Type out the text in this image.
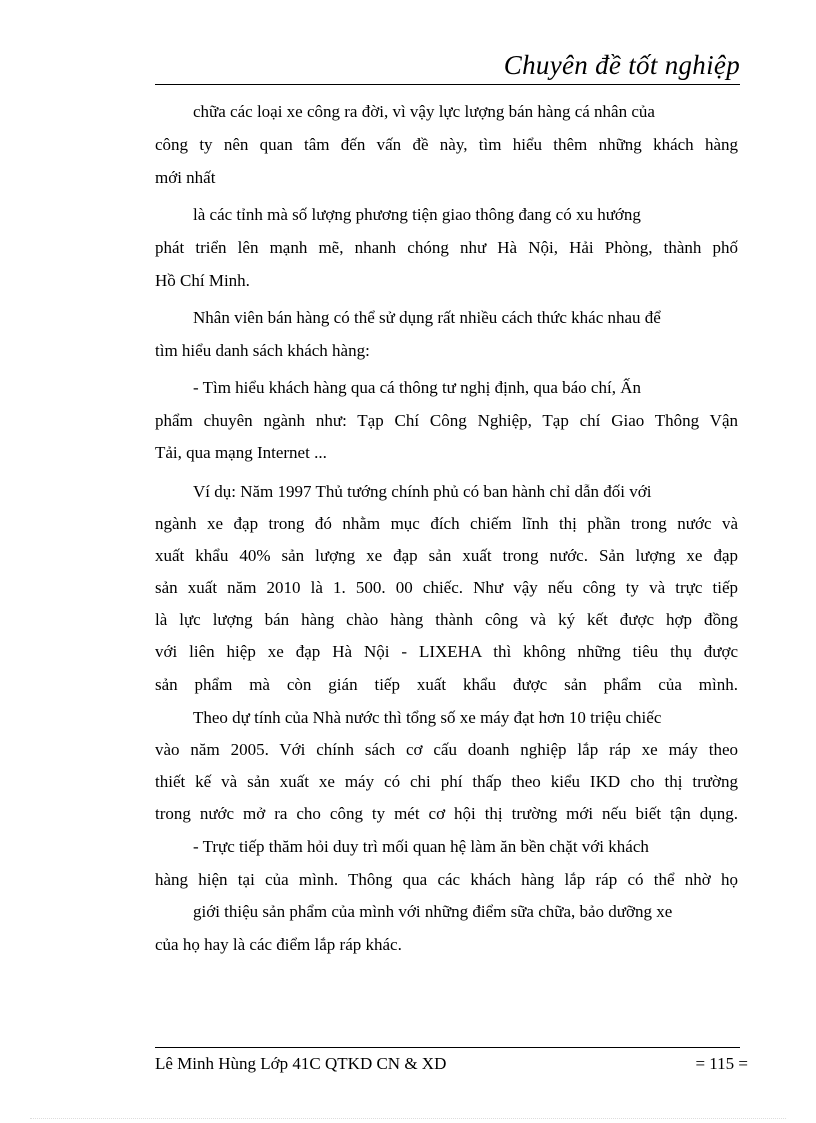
Chuyên đề tốt nghiệp
chữa các loại xe công ra đời, vì vậy lực lượng bán hàng cá nhân của
công ty nên quan tâm đến vấn đề này, tìm hiểu thêm những khách hàng
mới nhất
là các tỉnh mà số lượng phương tiện giao thông đang có xu hướng
phát triển lên mạnh mẽ, nhanh chóng như Hà Nội, Hải Phòng, thành phố
Hồ Chí Minh.
Nhân viên bán hàng có thể sử dụng rất nhiều cách thức khác nhau để
tìm hiểu danh sách khách hàng:
- Tìm hiểu khách hàng qua cá thông tư nghị định, qua báo chí, Ấn
phẩm chuyên ngành như: Tạp Chí Công Nghiệp, Tạp chí Giao Thông Vận
Tải, qua mạng Internet ...
Ví dụ: Năm 1997 Thủ tướng chính phủ có ban hành chỉ dẫn đối với
ngành xe đạp trong đó nhằm mục đích chiếm lĩnh thị phần trong nước và
xuất khẩu 40% sản lượng xe đạp sản xuất trong nước. Sản lượng xe đạp
sản xuất năm 2010 là 1. 500. 00 chiếc. Như vậy nếu công ty và trực tiếp
là lực lượng bán hàng chào hàng thành công và ký kết được hợp đồng
với liên hiệp xe đạp Hà Nội - LIXEHA thì không những tiêu thụ được
sản phẩm mà còn gián tiếp xuất khẩu được sản phẩm của mình.
Theo dự tính của Nhà nước thì tổng số xe máy đạt hơn 10 triệu chiếc
vào năm 2005. Với chính sách cơ cấu doanh nghiệp lắp ráp xe máy theo
thiết kế và sản xuất xe máy có chi phí thấp theo kiểu IKD cho thị trường
trong nước mở ra cho công ty mét cơ hội thị trường mới nếu biết tận dụng.
- Trực tiếp thăm hỏi duy trì mối quan hệ làm ăn bền chặt với khách
hàng hiện tại của mình. Thông qua các khách hàng lắp ráp có thể nhờ họ
giới thiệu sản phẩm của mình với những điểm sữa chữa, bảo dưỡng xe
của họ hay là các điểm lắp ráp khác.
Lê Minh Hùng Lớp 41C QTKD CN & XD	= 115 =
